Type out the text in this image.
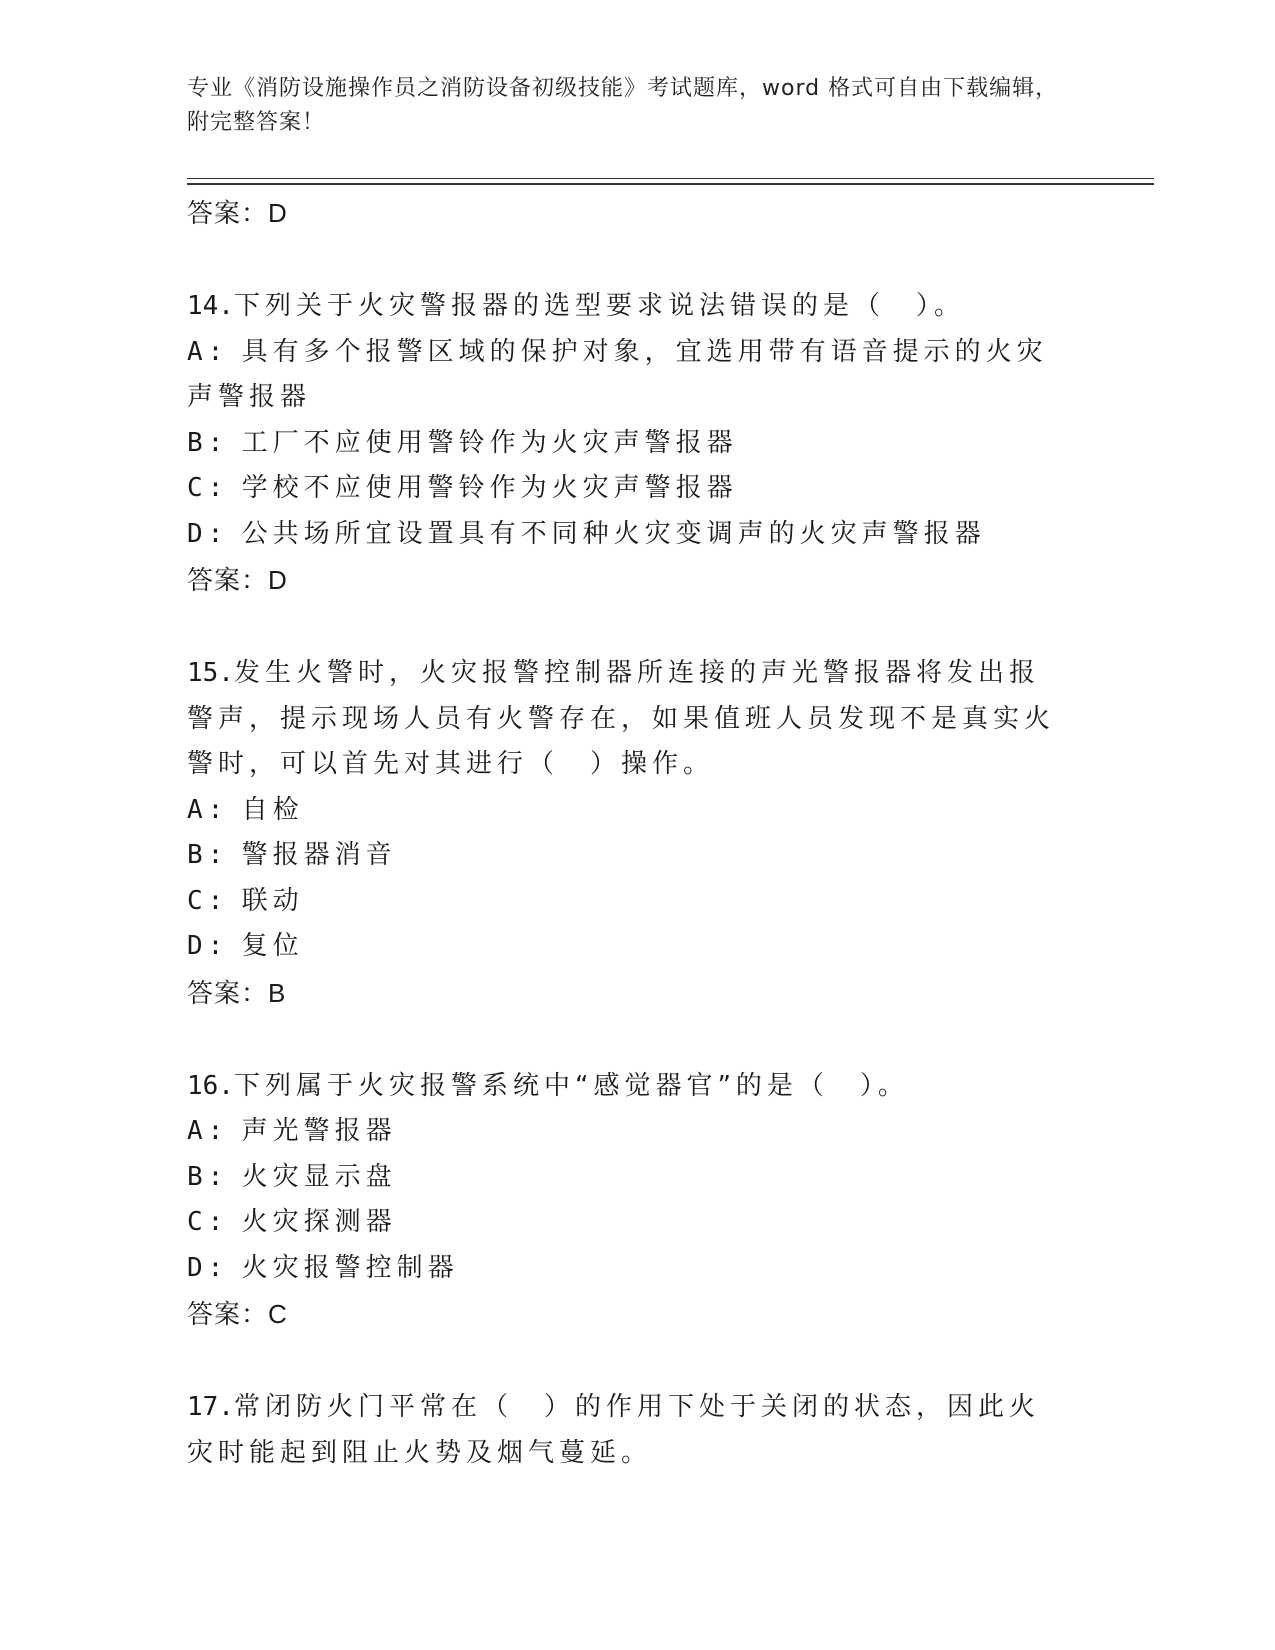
专业《消防设施操作员之消防设备初级技能》考试题库，word 格式可自由下载编辑，附完整答案！
答案：D
14.下列关于火灾警报器的选型要求说法错误的是（　）。
A: 具有多个报警区域的保护对象，宜选用带有语音提示的火灾声警报器
B: 工厂不应使用警铃作为火灾声警报器
C: 学校不应使用警铃作为火灾声警报器
D: 公共场所宜设置具有不同种火灾变调声的火灾声警报器
答案：D
15.发生火警时，火灾报警控制器所连接的声光警报器将发出报警声，提示现场人员有火警存在，如果值班人员发现不是真实火警时，可以首先对其进行（　）操作。
A: 自检
B: 警报器消音
C: 联动
D: 复位
答案：B
16.下列属于火灾报警系统中“感觉器官”的是（　）。
A: 声光警报器
B: 火灾显示盘
C: 火灾探测器
D: 火灾报警控制器
答案：C
17.常闭防火门平常在（　）的作用下处于关闭的状态，因此火灾时能起到阻止火势及烟气蔓延。
